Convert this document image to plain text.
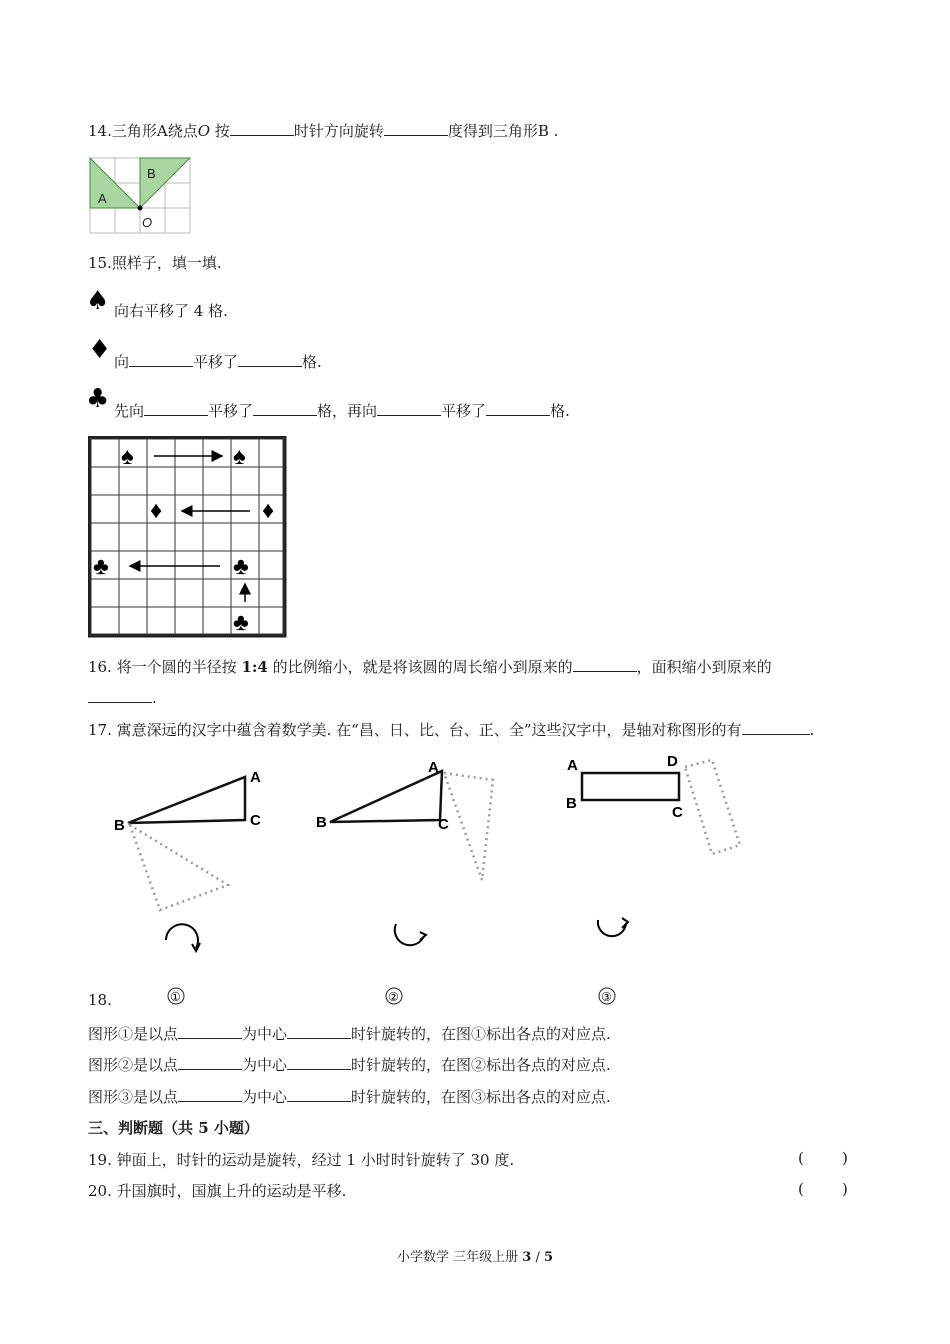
14.三角形A绕点O 按	时针方向旋转	度得到三角形B .
A
B
O
15.照样子，填一填.
♠ 向右平移了 4 格.
♦ 向	平移了	格.
♣ 先向	平移了	格，再向	平移了	格.
♠	♠
♦	♦
♣	♣
♣
16. 将一个圆的半径按 1:4 的比例缩小，就是将该圆的周长缩小到原来的	，面积缩小到原来的
.
17. 寓意深远的汉字中蕴含着数学美. 在“昌、日、比、台、正、全”这些汉字中，是轴对称图形的有	.
A
B	C
①
A
B	C
②
A
B
C
D
③
18.
图形①是以点	为中心	时针旋转的，在图①标出各点的对应点.
图形②是以点	为中心	时针旋转的，在图②标出各点的对应点.
图形③是以点	为中心	时针旋转的，在图③标出各点的对应点.
三、判断题（共 5 小题）
19. 钟面上，时针的运动是旋转，经过 1 小时时针旋转了 30 度.	(        )
20. 升国旗时，国旗上升的运动是平移.	(        )
小学数学 三年级上册 3 / 5
